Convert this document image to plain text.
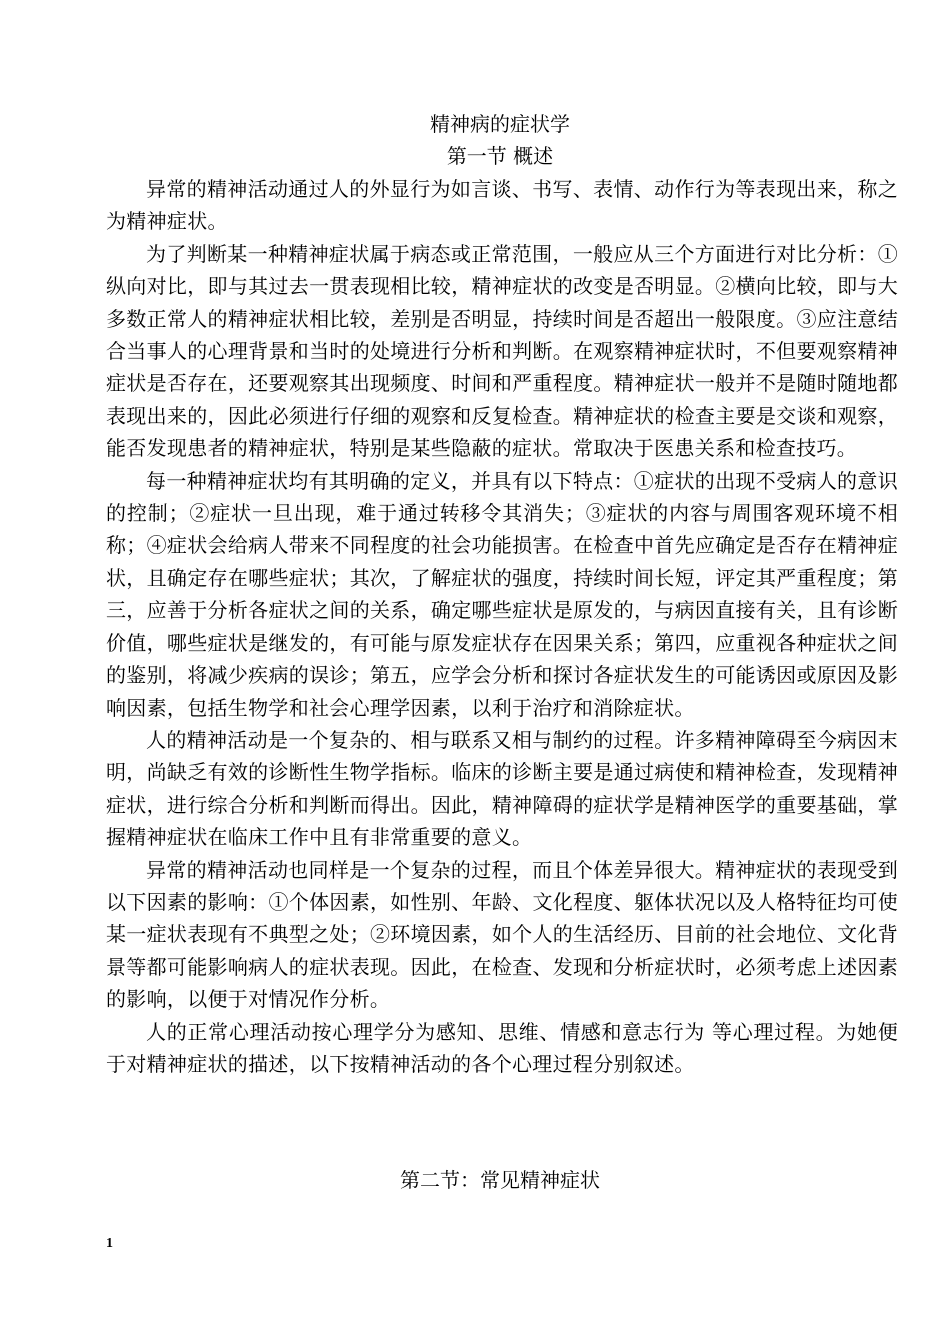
精神病的症状学
第一节 概述

异常的精神活动通过人的外显行为如言谈、书写、表情、动作行为等表现出来，称之为精神症状。

为了判断某一种精神症状属于病态或正常范围，一般应从三个方面进行对比分析：①纵向对比，即与其过去一贯表现相比较，精神症状的改变是否明显。②横向比较，即与大多数正常人的精神症状相比较，差别是否明显，持续时间是否超出一般限度。③应注意结合当事人的心理背景和当时的处境进行分析和判断。在观察精神症状时，不但要观察精神症状是否存在，还要观察其出现频度、时间和严重程度。精神症状一般并不是随时随地都表现出来的，因此必须进行仔细的观察和反复检查。精神症状的检查主要是交谈和观察，能否发现患者的精神症状，特别是某些隐蔽的症状。常取决于医患关系和检查技巧。

每一种精神症状均有其明确的定义，并具有以下特点：①症状的出现不受病人的意识的控制；②症状一旦出现，难于通过转移令其消失；③症状的内容与周围客观环境不相称；④症状会给病人带来不同程度的社会功能损害。在检查中首先应确定是否存在精神症状，且确定存在哪些症状；其次，了解症状的强度，持续时间长短，评定其严重程度；第三，应善于分析各症状之间的关系，确定哪些症状是原发的，与病因直接有关，且有诊断价值，哪些症状是继发的，有可能与原发症状存在因果关系；第四，应重视各种症状之间的鉴别，将减少疾病的误诊；第五，应学会分析和探讨各症状发生的可能诱因或原因及影响因素，包括生物学和社会心理学因素，以利于治疗和消除症状。

人的精神活动是一个复杂的、相与联系又相与制约的过程。许多精神障碍至今病因末明，尚缺乏有效的诊断性生物学指标。临床的诊断主要是通过病使和精神检查，发现精神症状，进行综合分析和判断而得出。因此，精神障碍的症状学是精神医学的重要基础，掌握精神症状在临床工作中且有非常重要的意义。

异常的精神活动也同样是一个复杂的过程，而且个体差异很大。精神症状的表现受到以下因素的影响：①个体因素，如性别、年龄、文化程度、躯体状况以及人格特征均可使某一症状表现有不典型之处；②环境因素，如个人的生活经历、目前的社会地位、文化背景等都可能影响病人的症状表现。因此，在检查、发现和分析症状时，必须考虑上述因素的影响，以便于对情况作分析。

人的正常心理活动按心理学分为感知、思维、情感和意志行为 等心理过程。为她便于对精神症状的描述，以下按精神活动的各个心理过程分别叙述。

第二节：常见精神症状
1
